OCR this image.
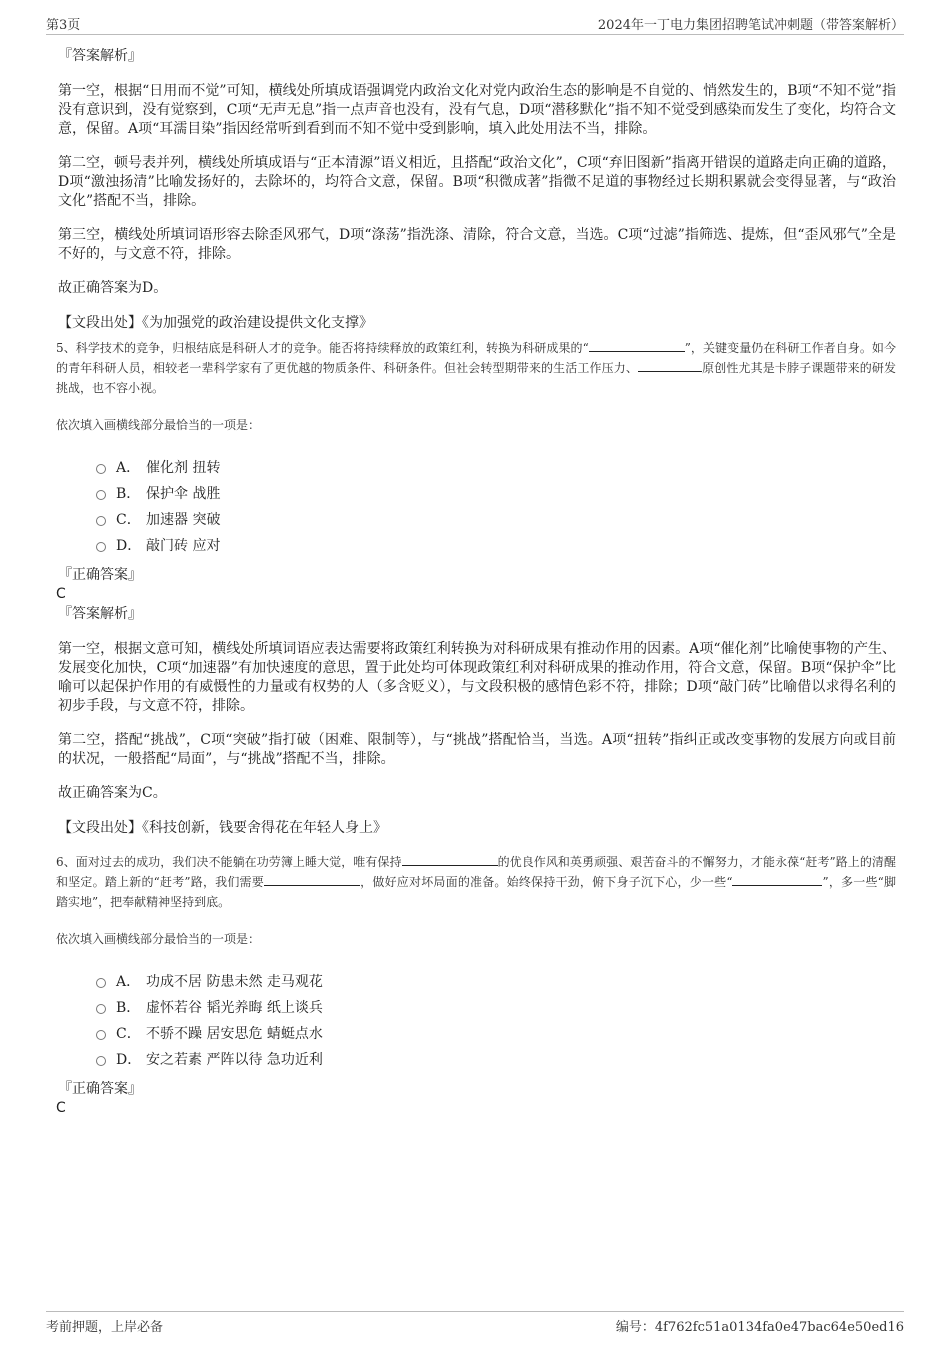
第3页	2024年一丁电力集团招聘笔试冲刺题（带答案解析）
『答案解析』

第一空，根据“日用而不觉”可知，横线处所填成语强调党内政治文化对党内政治生态的影响是不自觉的、悄然发生的，B项“不知不觉”指没有意识到，没有觉察到，C项“无声无息”指一点声音也没有，没有气息，D项“潜移默化”指不知不觉受到感染而发生了变化，均符合文意，保留。A项“耳濡目染”指因经常听到看到而不知不觉中受到影响，填入此处用法不当，排除。

第二空，顿号表并列，横线处所填成语与“正本清源”语义相近，且搭配“政治文化”，C项“弃旧图新”指离开错误的道路走向正确的道路，D项“激浊扬清”比喻发扬好的，去除坏的，均符合文意，保留。B项“积微成著”指微不足道的事物经过长期积累就会变得显著，与“政治文化”搭配不当，排除。

第三空，横线处所填词语形容去除歪风邪气，D项“涤荡”指洗涤、清除，符合文意，当选。C项“过滤”指筛选、提炼，但“歪风邪气”全是不好的，与文意不符，排除。

故正确答案为D。

【文段出处】《为加强党的政治建设提供文化支撑》

5、科学技术的竞争，归根结底是科研人才的竞争。能否将持续释放的政策红利，转换为科研成果的“	”，关键变量仍在科研工作者自身。如今的青年科研人员，相较老一辈科学家有了更优越的物质条件、科研条件。但社会转型期带来的生活工作压力、	原创性尤其是卡脖子课题带来的研发挑战，也不容小视。

依次填入画横线部分最恰当的一项是：
A． 催化剂 扭转
B． 保护伞 战胜
C． 加速器 突破
D． 敲门砖 应对
『正确答案』
C
『答案解析』

第一空，根据文意可知，横线处所填词语应表达需要将政策红利转换为对科研成果有推动作用的因素。A项“催化剂”比喻使事物的产生、发展变化加快，C项“加速器”有加快速度的意思，置于此处均可体现政策红利对科研成果的推动作用，符合文意，保留。B项“保护伞”比喻可以起保护作用的有威慑性的力量或有权势的人（多含贬义），与文段积极的感情色彩不符，排除；D项“敲门砖”比喻借以求得名利的初步手段，与文意不符，排除。

第二空，搭配“挑战”，C项“突破”指打破（困难、限制等），与“挑战”搭配恰当，当选。A项“扭转”指纠正或改变事物的发展方向或目前的状况，一般搭配“局面”，与“挑战”搭配不当，排除。

故正确答案为C。

【文段出处】《科技创新，钱要舍得花在年轻人身上》

6、面对过去的成功，我们决不能躺在功劳簿上睡大觉，唯有保持	的优良作风和英勇顽强、艰苦奋斗的不懈努力，才能永葆“赶考”路上的清醒和坚定。踏上新的“赶考”路，我们需要	，做好应对坏局面的准备。始终保持干劲，俯下身子沉下心，少一些“	”，多一些“脚踏实地”，把奉献精神坚持到底。

依次填入画横线部分最恰当的一项是：
A． 功成不居 防患未然 走马观花
B． 虚怀若谷 韬光养晦 纸上谈兵
C． 不骄不躁 居安思危 蜻蜓点水
D． 安之若素 严阵以待 急功近利
『正确答案』
C
考前押题，上岸必备	编号：4f762fc51a0134fa0e47bac64e50ed16
